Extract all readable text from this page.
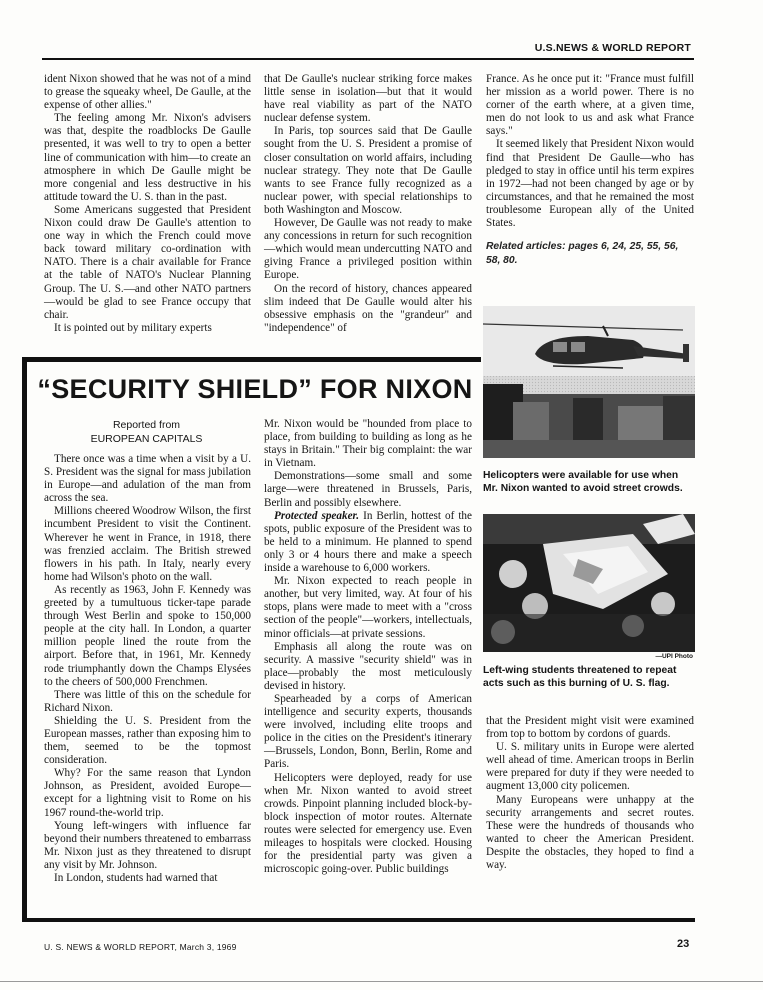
U.S.NEWS & WORLD REPORT

ident Nixon showed that he was not of a mind to grease the squeaky wheel, De Gaulle, at the expense of other allies."

The feeling among Mr. Nixon's advisers was that, despite the roadblocks De Gaulle presented, it was well to try to open a better line of communication with him—to create an atmosphere in which De Gaulle might be more congenial and less destructive in his attitude toward the U. S. than in the past.

Some Americans suggested that President Nixon could draw De Gaulle's attention to one way in which the French could move back toward military co-ordination with NATO. There is a chair available for France at the table of NATO's Nuclear Planning Group. The U. S.—and other NATO partners—would be glad to see France occupy that chair.

It is pointed out by military experts

that De Gaulle's nuclear striking force makes little sense in isolation—but that it would have real viability as part of the NATO nuclear defense system.

In Paris, top sources said that De Gaulle sought from the U. S. President a promise of closer consultation on world affairs, including nuclear strategy. They note that De Gaulle wants to see France fully recognized as a nuclear power, with special relationships to both Washington and Moscow.

However, De Gaulle was not ready to make any concessions in return for such recognition—which would mean undercutting NATO and giving France a privileged position within Europe.

On the record of history, chances appeared slim indeed that De Gaulle would alter his obsessive emphasis on the "grandeur" and "independence" of

France. As he once put it: "France must fulfill her mission as a world power. There is no corner of the earth where, at a given time, men do not look to us and ask what France says."

It seemed likely that President Nixon would find that President De Gaulle—who has pledged to stay in office until his term expires in 1972—had not been changed by age or by circumstances, and that he remained the most troublesome European ally of the United States.

Related articles: pages 6, 24, 25, 55, 56, 58, 80.
Helicopters were available for use when Mr. Nixon wanted to avoid street crowds.
—UPI Photo
Left-wing students threatened to repeat acts such as this burning of U. S. flag.
“SECURITY SHIELD” FOR NIXON
Reported from
EUROPEAN CAPITALS

There once was a time when a visit by a U. S. President was the signal for mass jubilation in Europe—and adulation of the man from across the sea.

Millions cheered Woodrow Wilson, the first incumbent President to visit the Continent. Wherever he went in France, in 1918, there was frenzied acclaim. The British strewed flowers in his path. In Italy, nearly every home had Wilson's photo on the wall.

As recently as 1963, John F. Kennedy was greeted by a tumultuous ticker-tape parade through West Berlin and spoke to 150,000 people at the city hall. In London, a quarter million people lined the route from the airport. Before that, in 1961, Mr. Kennedy rode triumphantly down the Champs Elysées to the cheers of 500,000 Frenchmen.

There was little of this on the schedule for Richard Nixon.

Shielding the U. S. President from the European masses, rather than exposing him to them, seemed to be the topmost consideration.

Why? For the same reason that Lyndon Johnson, as President, avoided Europe—except for a lightning visit to Rome on his 1967 round-the-world trip.

Young left-wingers with influence far beyond their numbers threatened to embarrass Mr. Nixon just as they threatened to disrupt any visit by Mr. Johnson.

In London, students had warned that

Mr. Nixon would be "hounded from place to place, from building to building as long as he stays in Britain." Their big complaint: the war in Vietnam.

Demonstrations—some small and some large—were threatened in Brussels, Paris, Berlin and possibly elsewhere.

Protected speaker. In Berlin, hottest of the spots, public exposure of the President was to be held to a minimum. He planned to spend only 3 or 4 hours there and make a speech inside a warehouse to 6,000 workers.

Mr. Nixon expected to reach people in another, but very limited, way. At four of his stops, plans were made to meet with a "cross section of the people"—workers, intellectuals, minor officials—at private sessions.

Emphasis all along the route was on security. A massive "security shield" was in place—probably the most meticulously devised in history.

Spearheaded by a corps of American intelligence and security experts, thousands were involved, including elite troops and police in the cities on the President's itinerary—Brussels, London, Bonn, Berlin, Rome and Paris.

Helicopters were deployed, ready for use when Mr. Nixon wanted to avoid street crowds. Pinpoint planning included block-by-block inspection of motor routes. Alternate routes were selected for emergency use. Even mileages to hospitals were clocked. Housing for the presidential party was given a microscopic going-over. Public buildings

that the President might visit were examined from top to bottom by cordons of guards.

U. S. military units in Europe were alerted well ahead of time. American troops in Berlin were prepared for duty if they were needed to augment 13,000 city policemen.

Many Europeans were unhappy at the security arrangements and secret routes. These were the hundreds of thousands who wanted to cheer the American President. Despite the obstacles, they hoped to find a way.

U. S. NEWS & WORLD REPORT, March 3, 1969	23
